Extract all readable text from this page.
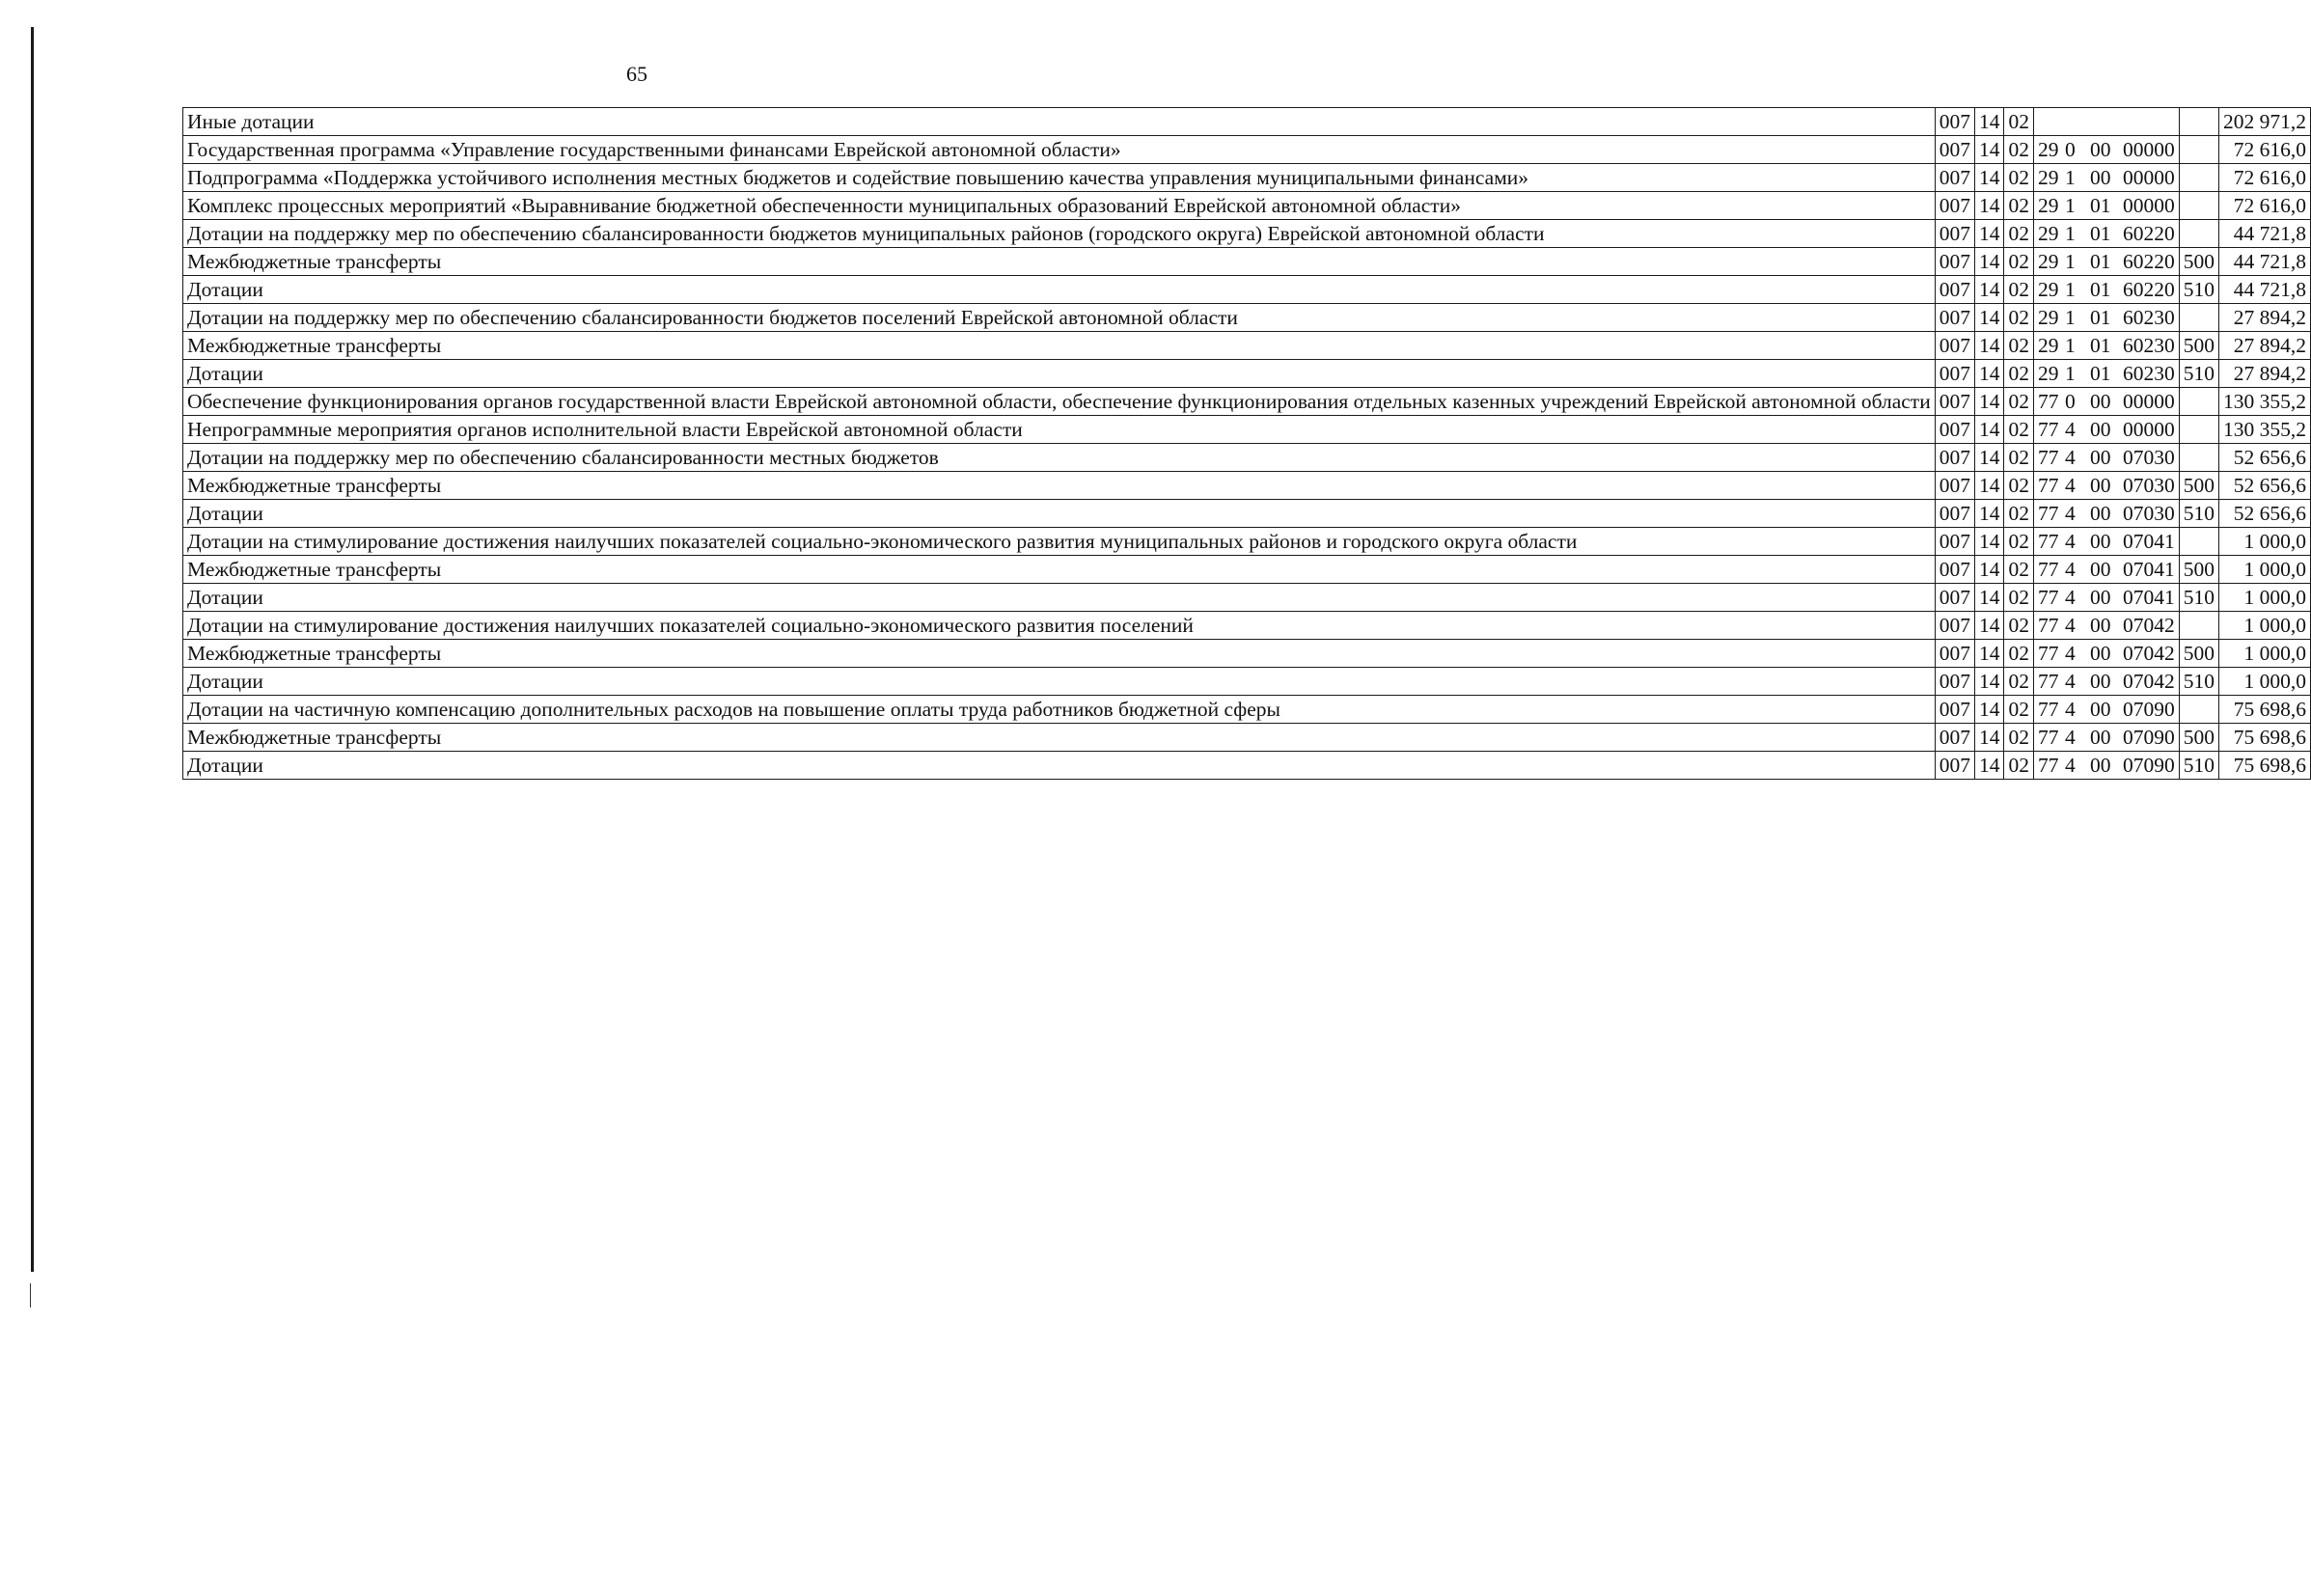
65
Иные дотации	007	14	02			202 971,2
Государственная программа «Управление государственными финансами Еврейской автономной области»	007	14	02	29 0 00 00000		72 616,0
Подпрограмма «Поддержка устойчивого исполнения местных бюджетов и содействие повышению качества управления муниципальными финансами»	007	14	02	29 1 00 00000		72 616,0
Комплекс процессных мероприятий «Выравнивание бюджетной обеспеченности муниципальных образований Еврейской автономной области»	007	14	02	29 1 01 00000		72 616,0
Дотации на поддержку мер по обеспечению сбалансированности бюджетов муниципальных районов (городского округа) Еврейской автономной области	007	14	02	29 1 01 60220		44 721,8
Межбюджетные трансферты	007	14	02	29 1 01 60220	500	44 721,8
Дотации	007	14	02	29 1 01 60220	510	44 721,8
Дотации на поддержку мер по обеспечению сбалансированности бюджетов поселений Еврейской автономной области	007	14	02	29 1 01 60230		27 894,2
Межбюджетные трансферты	007	14	02	29 1 01 60230	500	27 894,2
Дотации	007	14	02	29 1 01 60230	510	27 894,2
Обеспечение функционирования органов государственной власти Еврейской автономной области, обеспечение функционирования отдельных казенных учреждений Еврейской автономной области	007	14	02	77 0 00 00000		130 355,2
Непрограммные мероприятия органов исполнительной власти Еврейской автономной области	007	14	02	77 4 00 00000		130 355,2
Дотации на поддержку мер по обеспечению сбалансированности местных бюджетов	007	14	02	77 4 00 07030		52 656,6
Межбюджетные трансферты	007	14	02	77 4 00 07030	500	52 656,6
Дотации	007	14	02	77 4 00 07030	510	52 656,6
Дотации на стимулирование достижения наилучших показателей социально-экономического развития муниципальных районов и городского округа области	007	14	02	77 4 00 07041		1 000,0
Межбюджетные трансферты	007	14	02	77 4 00 07041	500	1 000,0
Дотации	007	14	02	77 4 00 07041	510	1 000,0
Дотации на стимулирование достижения наилучших показателей социально-экономического развития поселений	007	14	02	77 4 00 07042		1 000,0
Межбюджетные трансферты	007	14	02	77 4 00 07042	500	1 000,0
Дотации	007	14	02	77 4 00 07042	510	1 000,0
Дотации на частичную компенсацию дополнительных расходов на повышение оплаты труда работников бюджетной сферы	007	14	02	77 4 00 07090		75 698,6
Межбюджетные трансферты	007	14	02	77 4 00 07090	500	75 698,6
Дотации	007	14	02	77 4 00 07090	510	75 698,6
